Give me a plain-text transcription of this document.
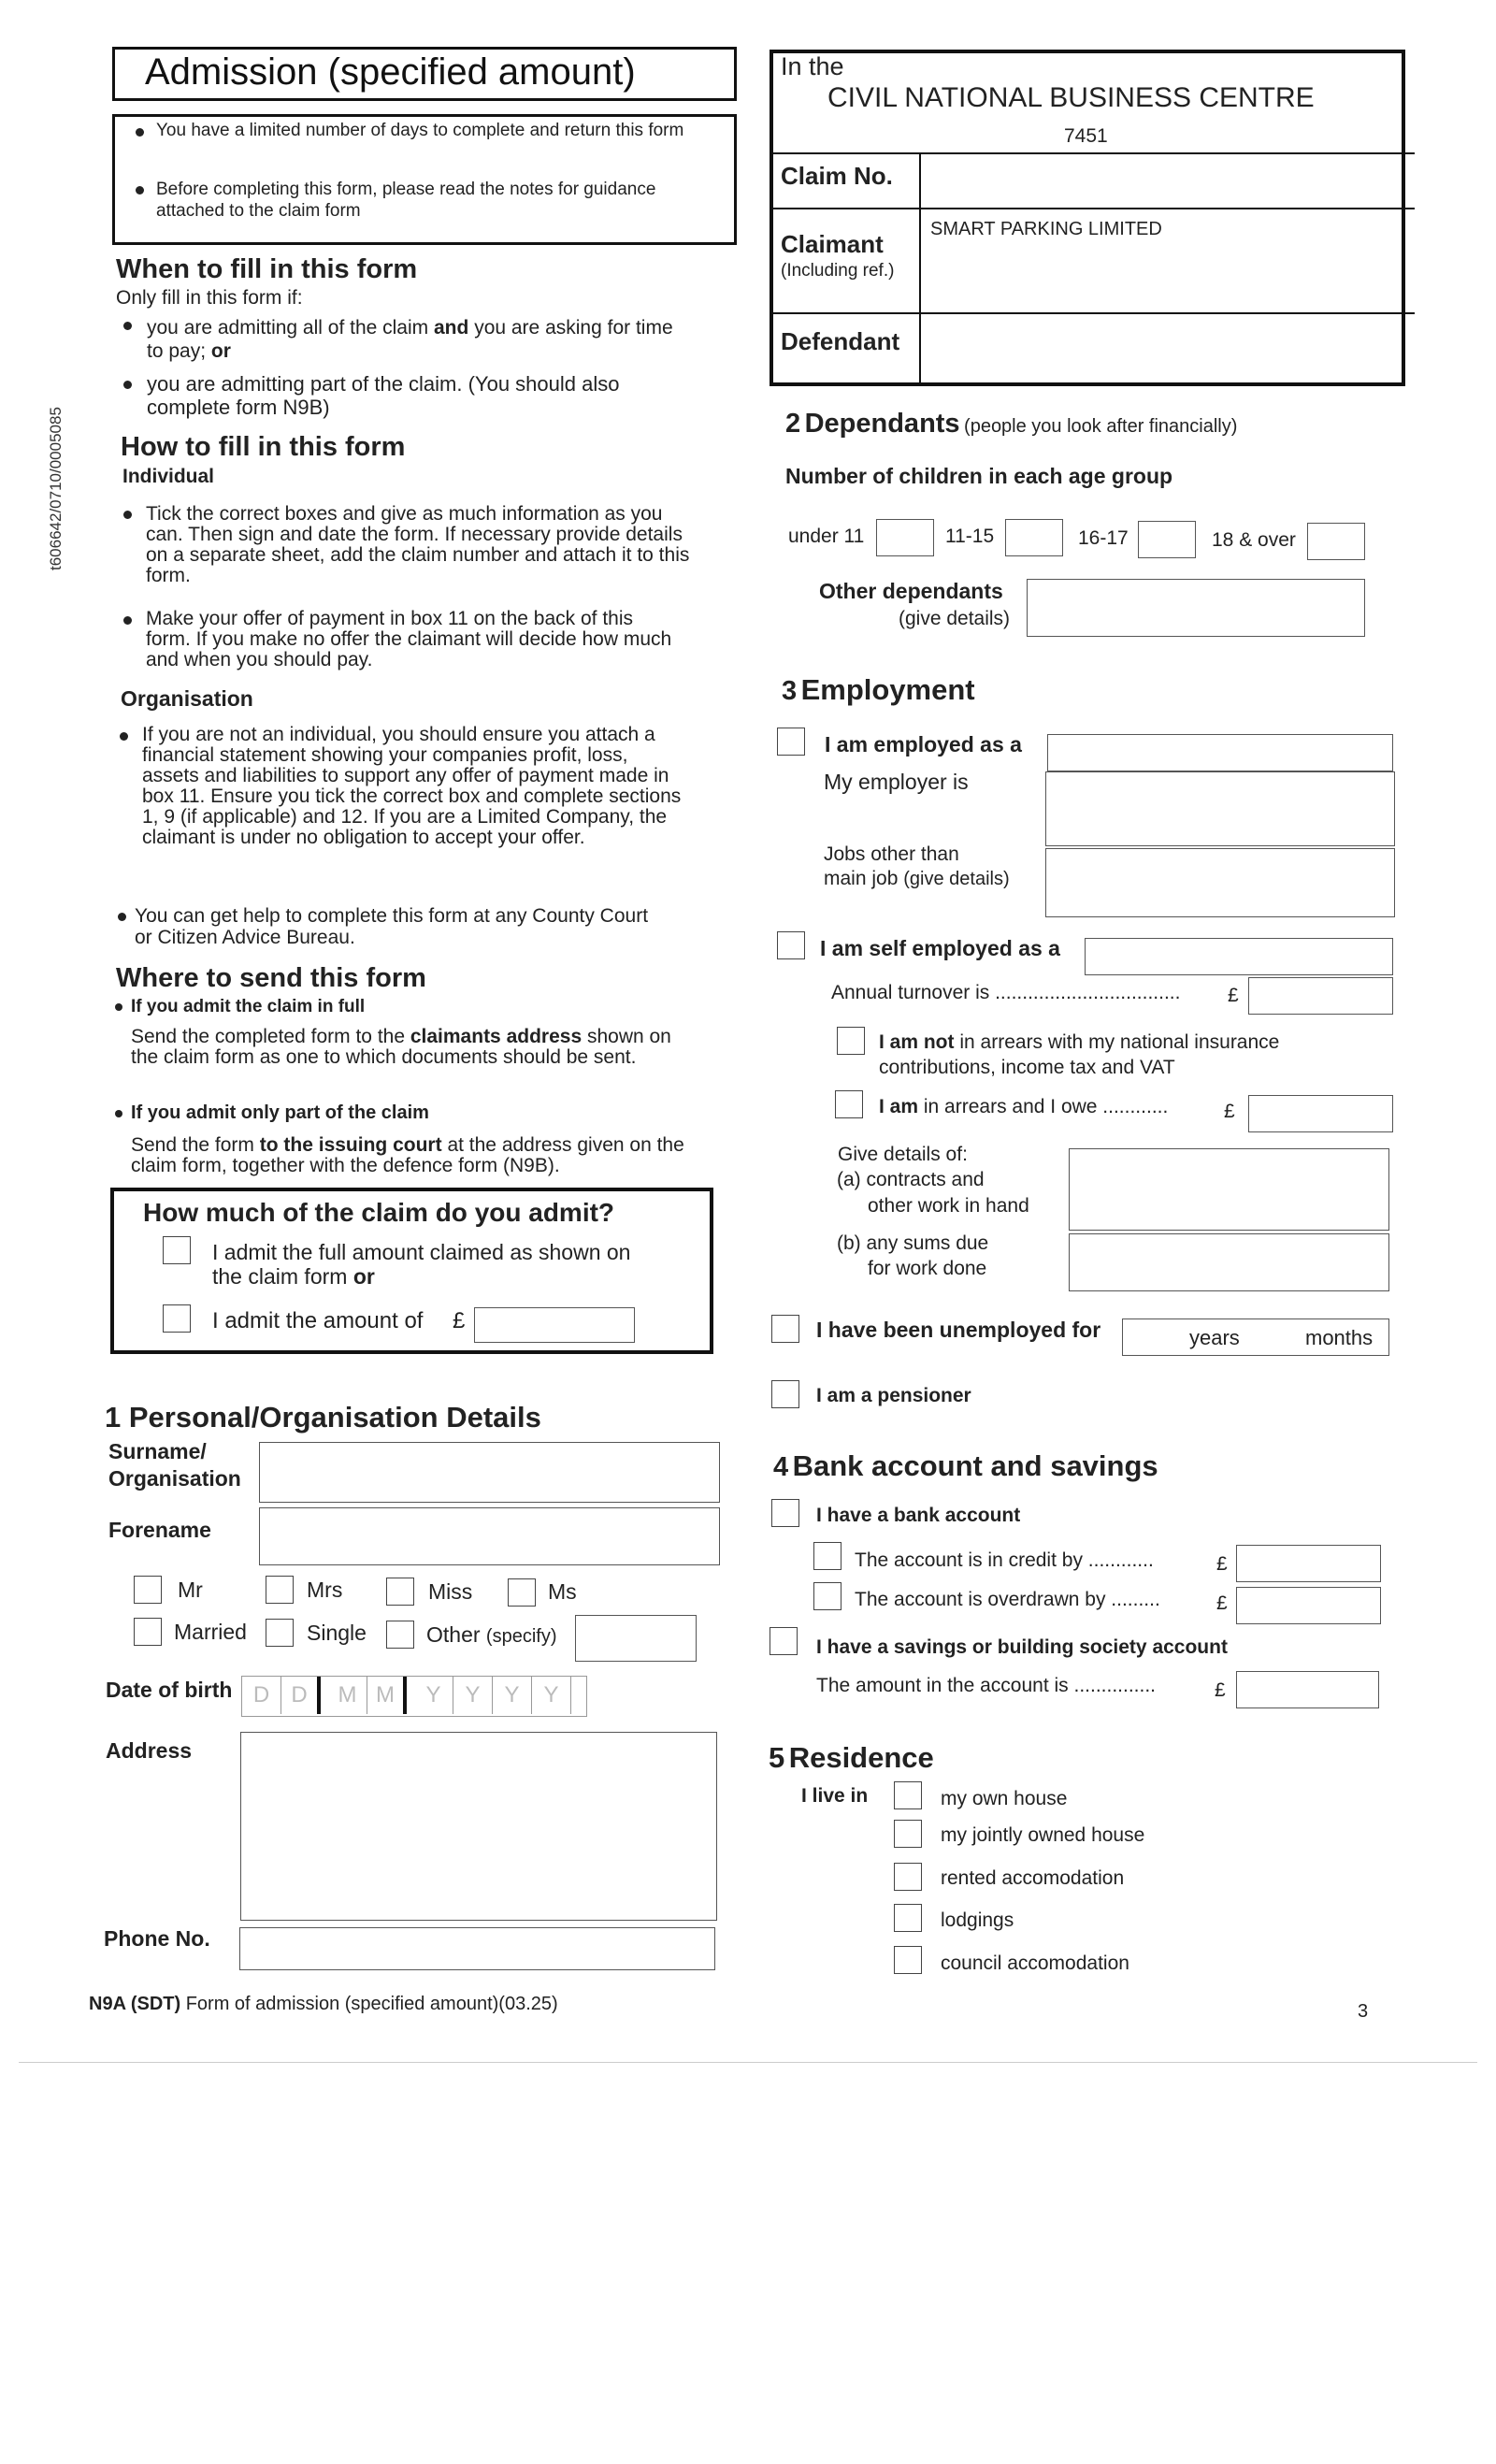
t606642/0710/0005085
Admission (specified amount)
You have a limited number of days to complete and return this form
Before completing this form, please read the notes for guidance attached to the claim form
In the
CIVIL NATIONAL BUSINESS CENTRE
7451
Claim No.
Claimant
(Including ref.)
SMART PARKING LIMITED
Defendant
When to fill in this form
Only fill in this form if:
you are admitting all of the claim and you are asking for time to pay; or
you are admitting part of the claim. (You should also complete form N9B)
How to fill in this form
Individual
Tick the correct boxes and give as much information as you can. Then sign and date the form. If necessary provide details on a separate sheet, add the claim number and attach it to this form.
Make your offer of payment in box 11 on the back of this form. If you make no offer the claimant will decide how much and when you should pay.
Organisation
If you are not an individual, you should ensure you attach a financial statement showing your companies profit, loss, assets and liabilities to support any offer of payment made in box 11. Ensure you tick the correct box and complete sections 1, 9 (if applicable) and 12. If you are a Limited Company, the claimant is under no obligation to accept your offer.
You can get help to complete this form at any County Court or Citizen Advice Bureau.
Where to send this form
If you admit the claim in full
Send the completed form to the claimants address shown on the claim form as one to which documents should be sent.
If you admit only part of the claim
Send the form to the issuing court at the address given on the claim form, together with the defence form (N9B).
How much of the claim do you admit?
I admit the full amount claimed as shown on the claim form or
I admit the amount of £
1 Personal/Organisation Details
Surname/
Organisation
Forename
Mr	Mrs	Miss	Ms
Married	Single	Other (specify)
Date of birth D D	M M	Y	Y	Y	Y
Address
Phone No.
N9A (SDT) Form of admission (specified amount)(03.25)	3
2 Dependants (people you look after financially)
Number of children in each age group
under 11	11-15	16-17	18 & over
Other dependants
(give details)
3 Employment
I am employed as a
My employer is
Jobs other than
main job (give details)
I am self employed as a
Annual turnover is .................................. £
I am not in arrears with my national insurance
contributions, income tax and VAT
I am in arrears and I owe ............	£
Give details of:
(a) contracts and
other work in hand
(b) any sums due
for work done
I have been unemployed for	years	months
I am a pensioner
4 Bank account and savings
I have a bank account
The account is in credit by ............	£
The account is overdrawn by .........	£
I have a savings or building society account
The amount in the account is ...............	£
5 Residence
I live in	my own house
my jointly owned house
rented accomodation
lodgings
council accomodation
